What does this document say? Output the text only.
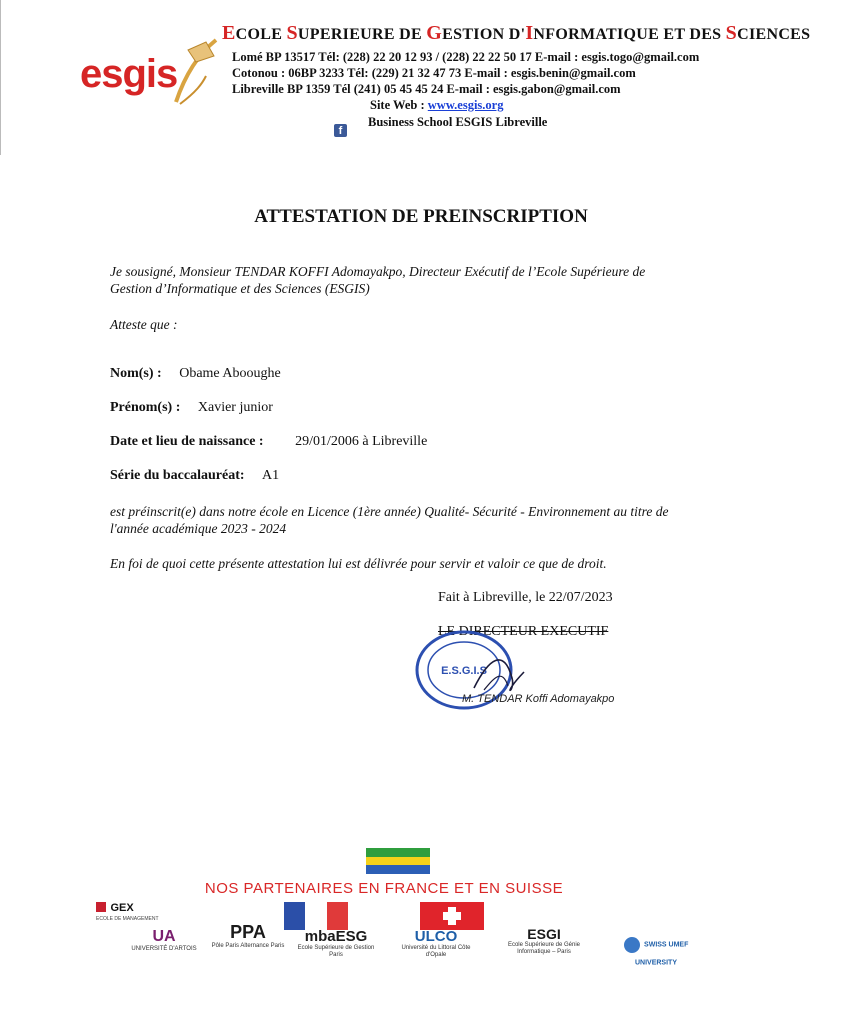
esgis
ECOLE SUPERIEURE DE GESTION D'INFORMATIQUE ET DES SCIENCES
Lomé BP 13517 Tél: (228) 22 20 12 93 / (228) 22 22 50 17 E-mail : esgis.togo@gmail.com
Cotonou : 06BP 3233 Tél: (229) 21 32 47 73 E-mail : esgis.benin@gmail.com
Libreville BP 1359 Tél (241) 05 45 45 24 E-mail : esgis.gabon@gmail.com
Site Web : www.esgis.org
f
Business School ESGIS Libreville
ATTESTATION DE PREINSCRIPTION
Je sousigné, Monsieur TENDAR KOFFI Adomayakpo, Directeur Exécutif de l’Ecole Supérieure de Gestion d’Informatique et des Sciences (ESGIS)
Atteste que :
Nom(s) : Obame Abooughe
Prénom(s) : Xavier junior
Date et lieu de naissance : 29/01/2006 à Libreville
Série du baccalauréat: A1
est préinscrit(e) dans notre école en Licence (1ère année) Qualité- Sécurité - Environnement au titre de l'année académique 2023 - 2024
En foi de quoi cette présente attestation lui est délivrée pour servir et valoir ce que de droit.
Fait à Libreville, le 22/07/2023
LE DIRECTEUR EXECUTIF
E.S.G.I.S
M. TENDAR Koffi Adomayakpo
NOS PARTENAIRES EN FRANCE ET EN SUISSE
GEX
ECOLE DE MANAGEMENT
UA
UNIVERSITÉ D'ARTOIS
PPA
Pôle Paris Alternance Paris
mbaESG
Ecole Supérieure de Gestion Paris
ULCO
Université du Littoral Côte d'Opale
ESGI
Ecole Supérieure de Génie Informatique – Paris
SWISS UMEF UNIVERSITY
